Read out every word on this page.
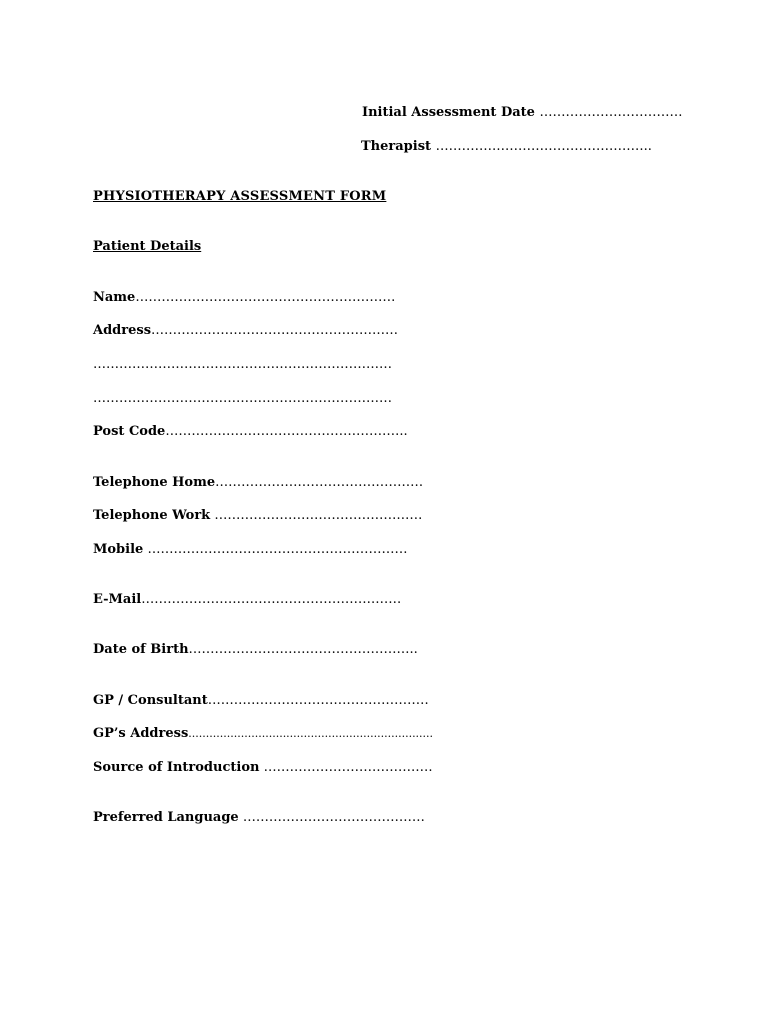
Initial Assessment Date ……………………………
Therapist …………………………………………..
PHYSIOTHERAPY ASSESSMENT FORM
Patient Details
Name……………………………………………………
Address…………………………………………………
……………………………………………………………
……………………………………………………………
Post Code………………………………………………..
Telephone Home…………………………………………
Telephone Work …………………………………………
Mobile ……………………………………………………
E-Mail……………………………………………………
Date of Birth……………………………………………..
GP / Consultant……………………………………………
GP’s Address......................................................................
Source of Introduction …………………………………
Preferred Language ……………………………………
